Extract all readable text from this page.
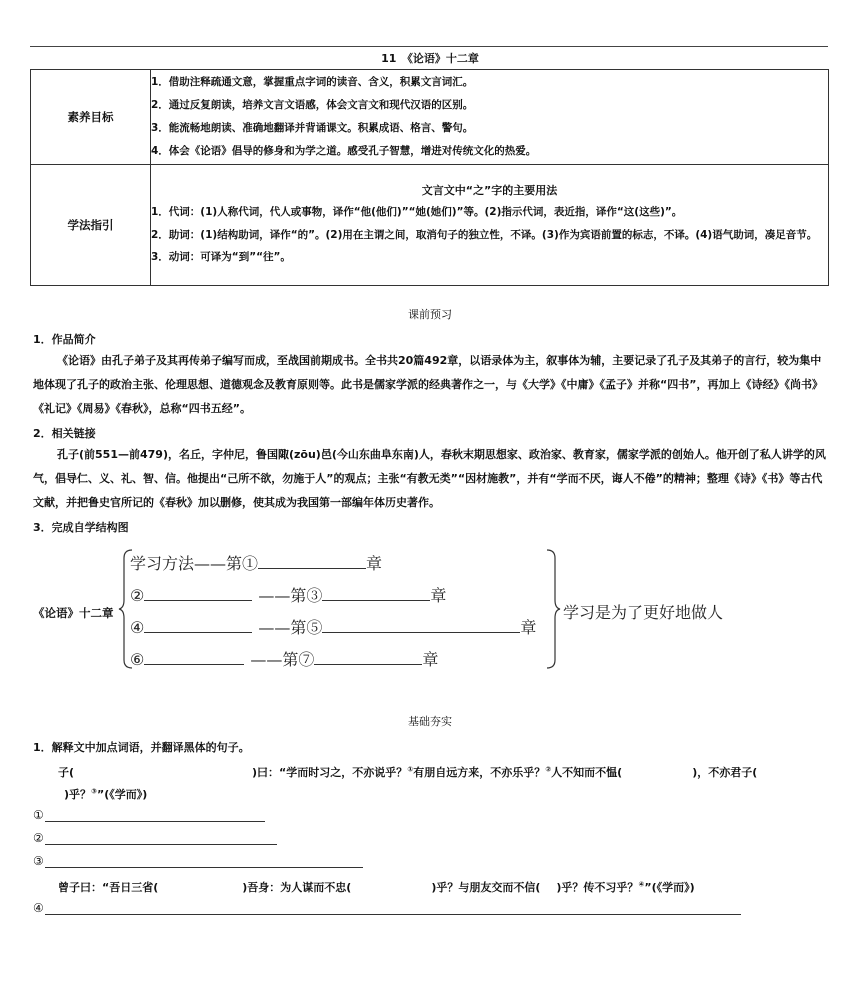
11　《论语》十二章
素养目标	1．借助注释疏通文意，掌握重点字词的读音、含义，积累文言词汇。
2．通过反复朗读，培养文言文语感，体会文言文和现代汉语的区别。
3．能流畅地朗读、准确地翻译并背诵课文。积累成语、格言、警句。
4．体会《论语》倡导的修身和为学之道。感受孔子智慧，增进对传统文化的热爱。

学法指引	文言文中“之”字的主要用法
1．代词：(1)人称代词，代人或事物，译作“他(他们)”“她(她们)”等。(2)指示代词，表近指，译作“这(这些)”。
2．助词：(1)结构助词，译作“的”。(2)用在主谓之间，取消句子的独立性，不译。(3)作为宾语前置的标志，不译。(4)语气助词，凑足音节。
3．动词：可译为“到”“往”。
课前预习
1．作品简介
《论语》由孔子弟子及其再传弟子编写而成，至战国前期成书。全书共20篇492章，以语录体为主，叙事体为辅，主要记录了孔子及其弟子的言行，较为集中地体现了孔子的政治主张、伦理思想、道德观念及教育原则等。此书是儒家学派的经典著作之一，与《大学》《中庸》《孟子》并称“四书”，再加上《诗经》《尚书》《礼记》《周易》《春秋》，总称“四书五经”。
2．相关链接
孔子(前551—前479)，名丘，字仲尼，鲁国陬(zōu)邑(今山东曲阜东南)人，春秋末期思想家、政治家、教育家，儒家学派的创始人。他开创了私人讲学的风气，倡导仁、义、礼、智、信。他提出“己所不欲，勿施于人”的观点；主张“有教无类”“因材施教”，并有“学而不厌，诲人不倦”的精神；整理《诗》《书》等古代文献，并把鲁史官所记的《春秋》加以删修，使其成为我国第一部编年体历史著作。
3．完成自学结构图
《论语》十二章
学习方法——第①	章
②	——第③	章
④	——第⑤	章
⑥	——第⑦	章
学习是为了更好地做人
基础夯实
1．解释文中加点词语，并翻译黑体的句子。
子(	)曰：“学而时习之，不亦说乎？①有朋自远方来，不亦乐乎？②人不知而不愠(	)，不亦君子(
)乎？③”(《学而》)
①
②
③
曾子曰：“吾日三省(	)吾身：为人谋而不忠(	)乎？与朋友交而不信( )乎？传不习乎？④”(《学而》)
④
